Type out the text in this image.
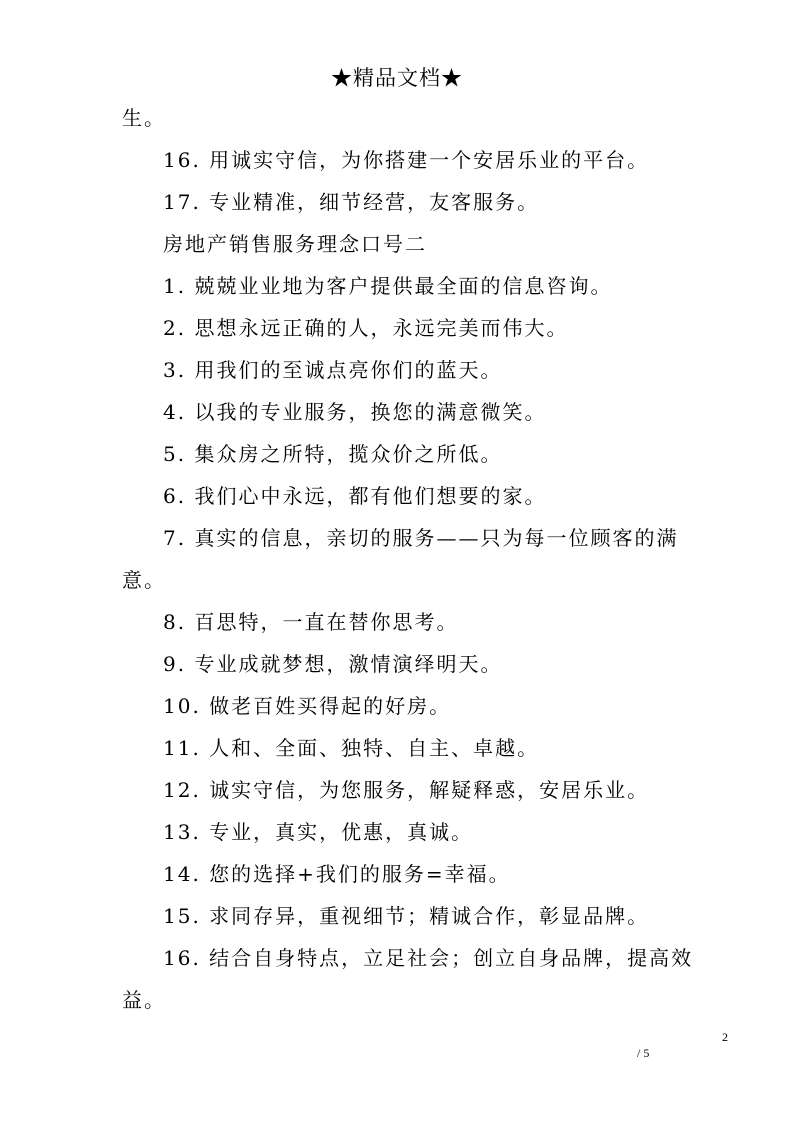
★精品文档★
生。
16. 用诚实守信，为你搭建一个安居乐业的平台。
17. 专业精准，细节经营，友客服务。
房地产销售服务理念口号二
1. 兢兢业业地为客户提供最全面的信息咨询。
2. 思想永远正确的人，永远完美而伟大。
3. 用我们的至诚点亮你们的蓝天。
4. 以我的专业服务，换您的满意微笑。
5. 集众房之所特，揽众价之所低。
6. 我们心中永远，都有他们想要的家。
7. 真实的信息，亲切的服务——只为每一位顾客的满
意。
8. 百思特，一直在替你思考。
9. 专业成就梦想，激情演绎明天。
10. 做老百姓买得起的好房。
11. 人和、全面、独特、自主、卓越。
12. 诚实守信，为您服务，解疑释惑，安居乐业。
13. 专业，真实，优惠，真诚。
14. 您的选择+我们的服务=幸福。
15. 求同存异，重视细节；精诚合作，彰显品牌。
16. 结合自身特点，立足社会；创立自身品牌，提高效
益。
2
/ 5
